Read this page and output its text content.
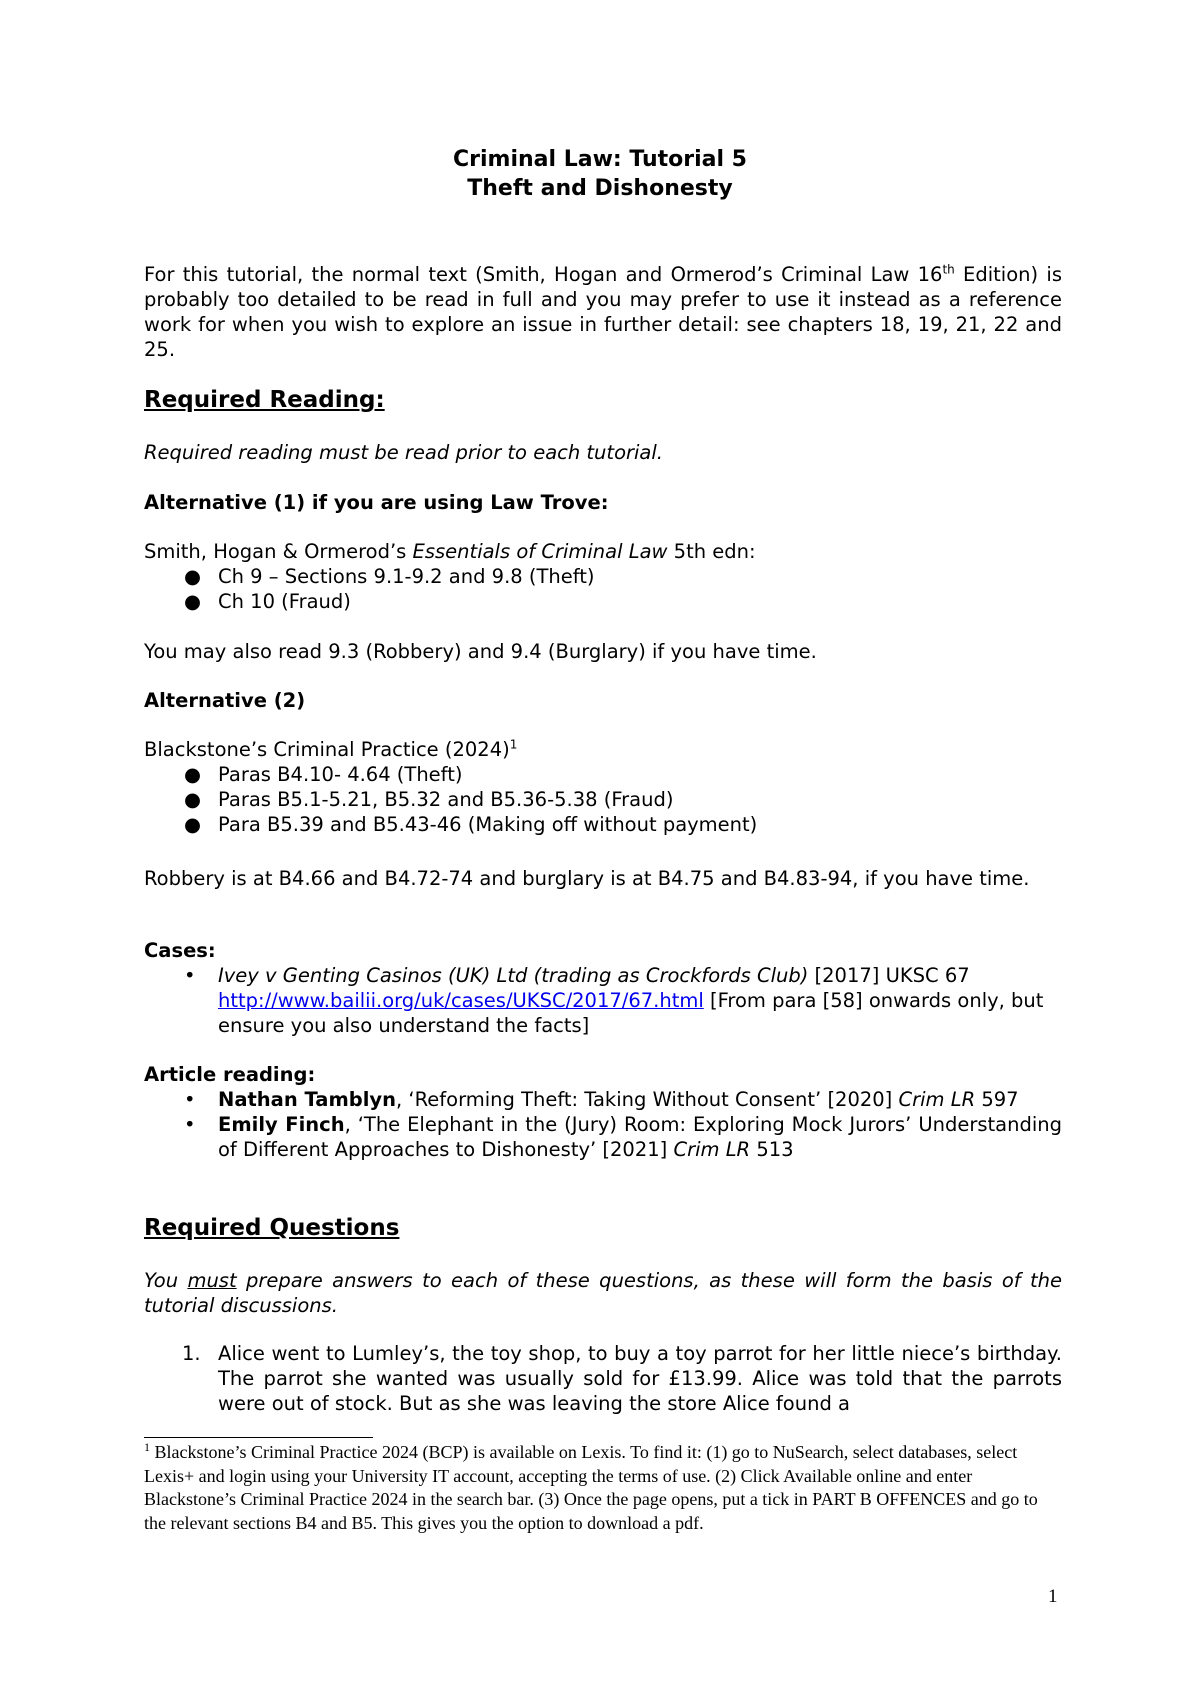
Criminal Law: Tutorial 5
Theft and Dishonesty
For this tutorial, the normal text (Smith, Hogan and Ormerod’s Criminal Law 16th Edition) is probably too detailed to be read in full and you may prefer to use it instead as a reference work for when you wish to explore an issue in further detail: see chapters 18, 19, 21, 22 and 25.
Required Reading:
Required reading must be read prior to each tutorial.
Alternative (1) if you are using Law Trove:
Smith, Hogan & Ormerod’s Essentials of Criminal Law 5th edn:
● Ch 9 – Sections 9.1-9.2 and 9.8 (Theft)
● Ch 10 (Fraud)
You may also read 9.3 (Robbery) and 9.4 (Burglary) if you have time.
Alternative (2)
Blackstone’s Criminal Practice $(2024)^1$
● Paras B4.10- 4.64 (Theft)
● Paras B5.1-5.21, B5.32 and B5.36-5.38 (Fraud)
● Para B5.39 and B5.43-46 (Making off without payment)
Robbery is at B4.66 and B4.72-74 and burglary is at B4.75 and B4.83-94, if you have time.
Cases:
• Ivey v Genting Casinos (UK) Ltd (trading as Crockfords Club) [2017] UKSC 67
http://www.bailii.org/uk/cases/UKSC/2017/67.html [From para [58] onwards only, but ensure you also understand the facts]
Article reading:
• Nathan Tamblyn, ‘Reforming Theft: Taking Without Consent’ [2020] Crim LR 597
• Emily Finch, ‘The Elephant in the (Jury) Room: Exploring Mock Jurors’ Understanding of Different Approaches to Dishonesty’ [2021] Crim LR 513
Required Questions
You must prepare answers to each of these questions, as these will form the basis of the tutorial discussions.
1. Alice went to Lumley’s, the toy shop, to buy a toy parrot for her little niece’s birthday. The parrot she wanted was usually sold for £13.99. Alice was told that the parrots were out of stock. But as she was leaving the store Alice found a
$^1$ Blackstone’s Criminal Practice 2024 (BCP) is available on Lexis. To find it: (1) go to NuSearch, select databases, select Lexis+ and login using your University IT account, accepting the terms of use. (2) Click Available online and enter Blackstone’s Criminal Practice 2024 in the search bar. (3) Once the page opens, put a tick in PART B OFFENCES and go to the relevant sections B4 and B5. This gives you the option to download a pdf.
1
